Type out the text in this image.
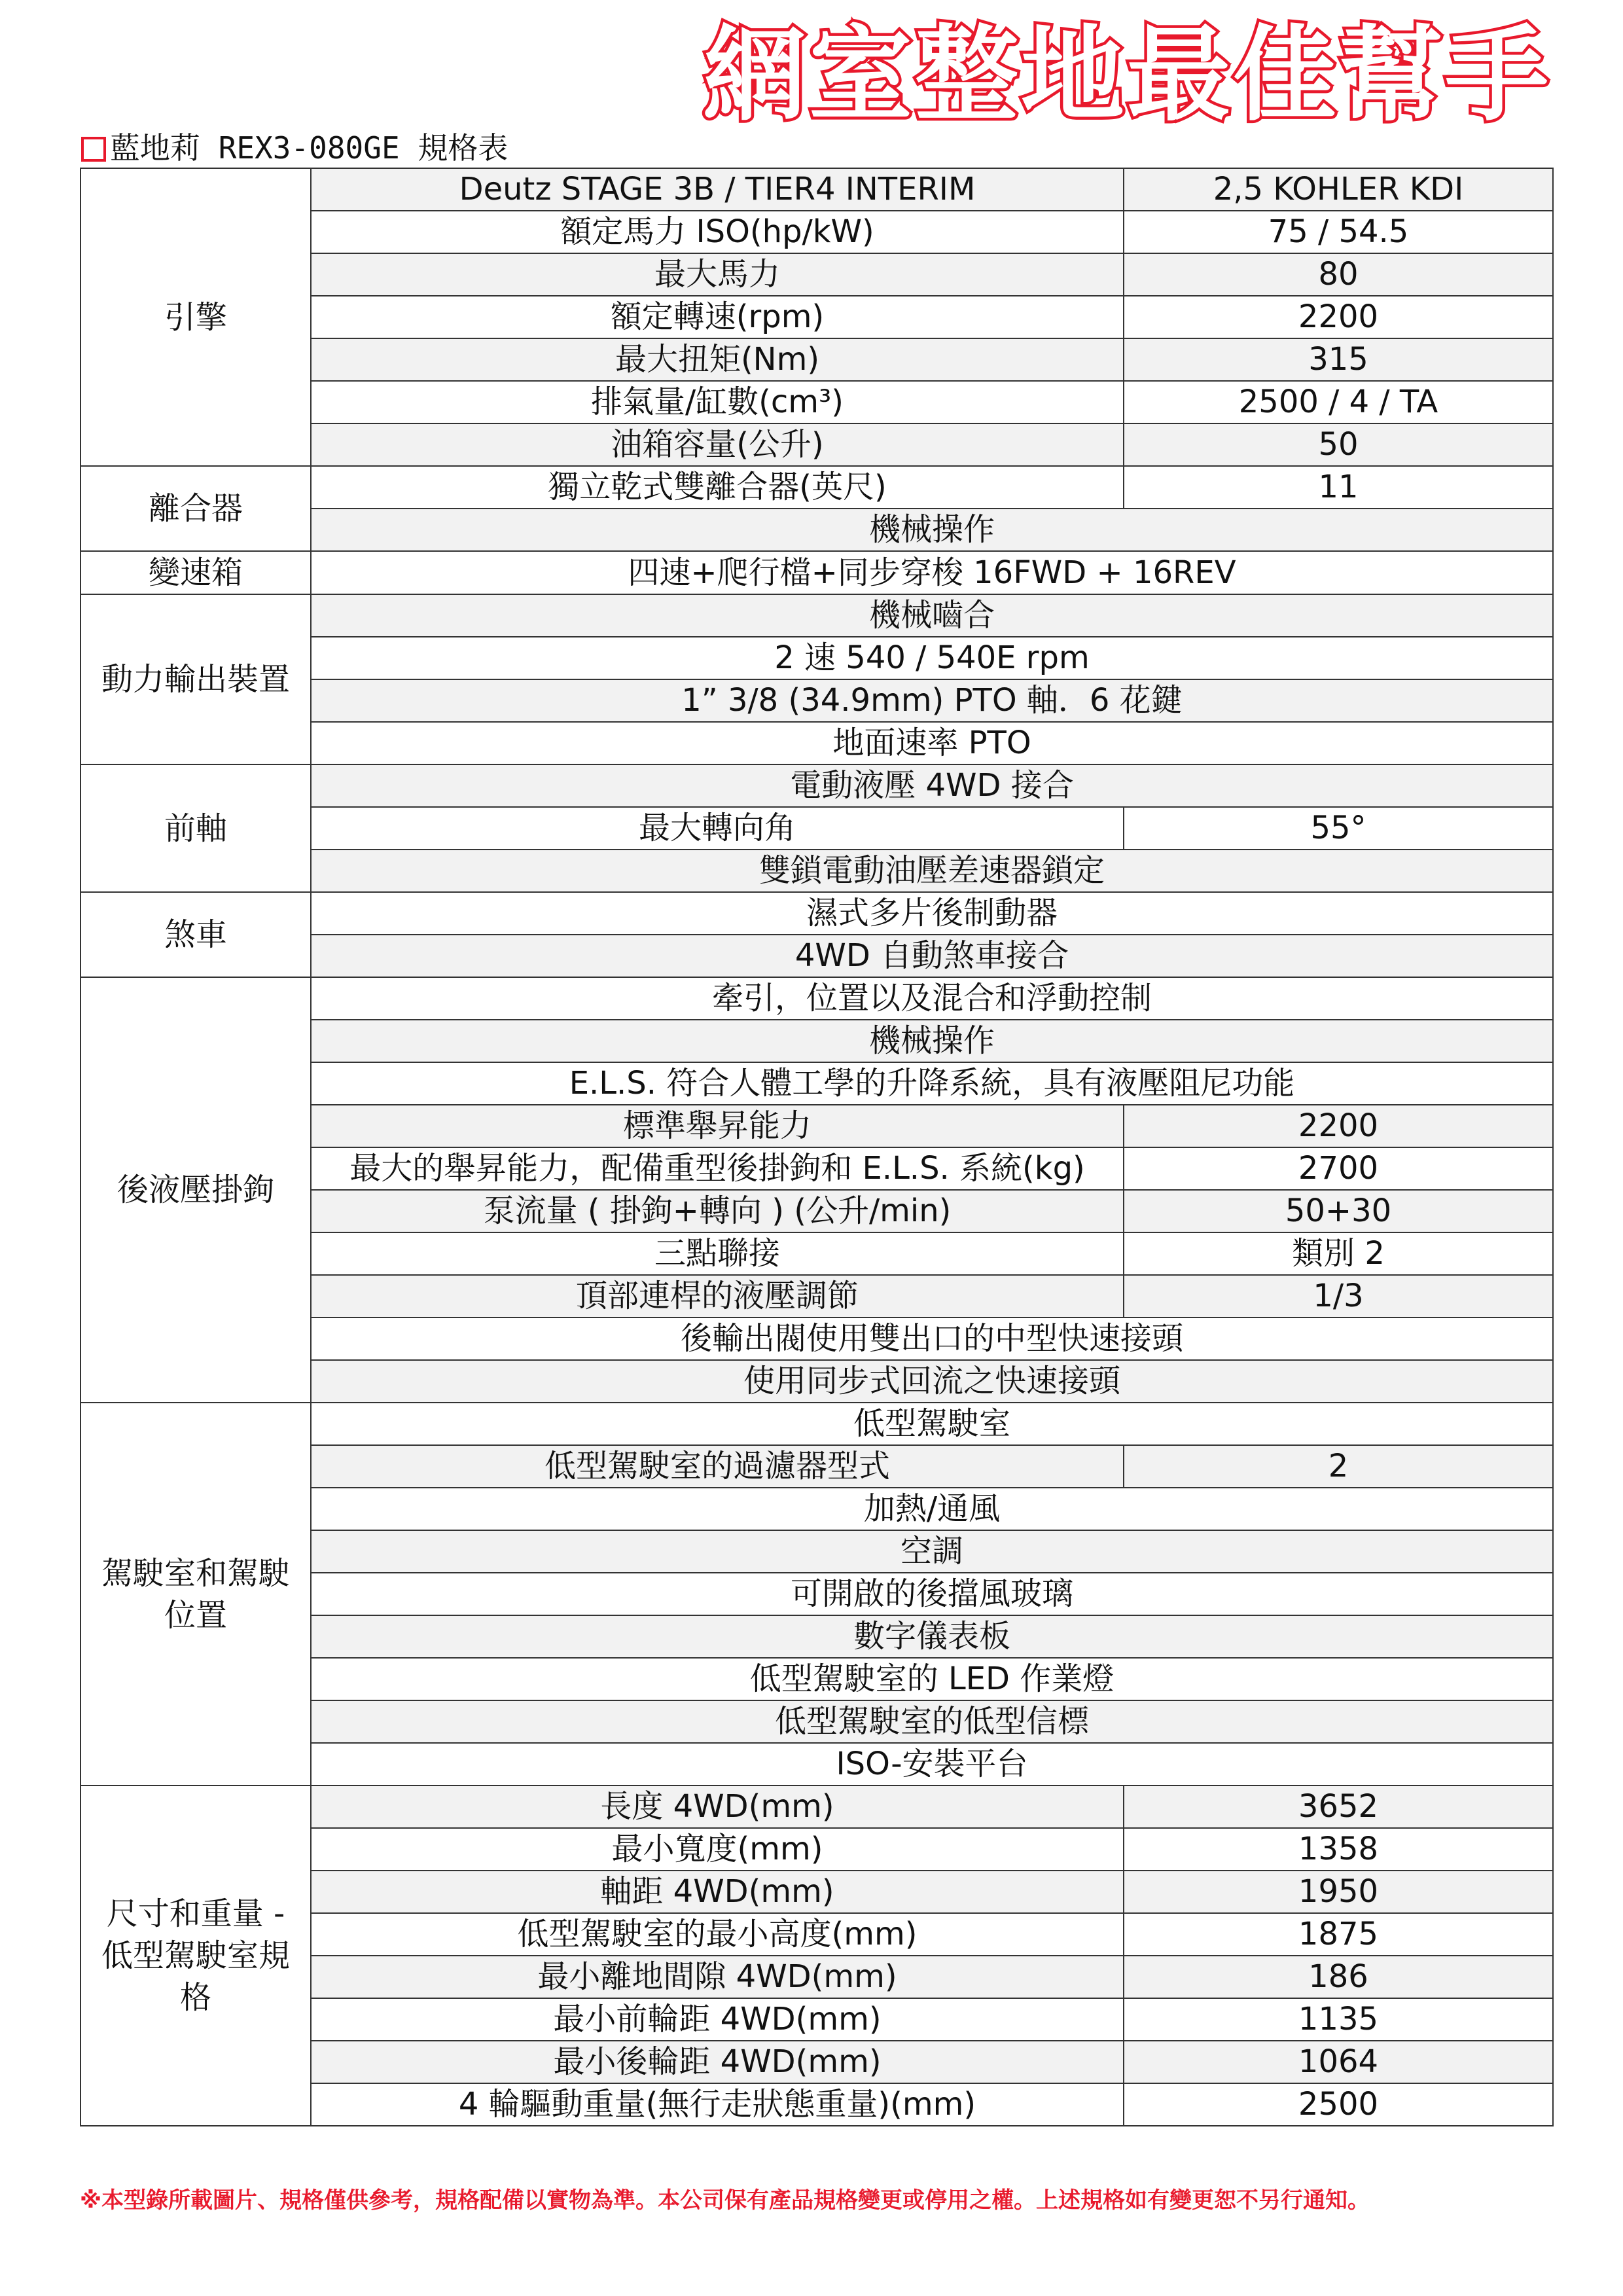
網室整地最佳幫手
藍地莉 REX3-080GE 規格表
引擎	Deutz STAGE 3B / TIER4 INTERIM	2,5 KOHLER KDI
	額定馬力 ISO(hp/kW)	75 / 54.5
	最大馬力	80
	額定轉速(rpm)	2200
	最大扭矩(Nm)	315
	排氣量/缸數(cm³)	2500 / 4 / TA
	油箱容量(公升)	50
離合器	獨立乾式雙離合器(英尺)	11
	機械操作	
變速箱	四速+爬行檔+同步穿梭 16FWD + 16REV	
動力輸出裝置	機械嚙合	
	2 速 540 / 540E rpm	
	1” 3/8 (34.9mm) PTO 軸．6 花鍵	
	地面速率 PTO	
前軸	電動液壓 4WD 接合	
	最大轉向角	55°
	雙鎖電動油壓差速器鎖定	
煞車	濕式多片後制動器	
	4WD 自動煞車接合	
後液壓掛鉤	牽引，位置以及混合和浮動控制	
	機械操作	
	E.L.S. 符合人體工學的升降系統，具有液壓阻尼功能	
	標準舉昇能力	2200
	最大的舉昇能力，配備重型後掛鉤和 E.L.S. 系統(kg)	2700
	泵流量 ( 掛鉤+轉向 ) (公升/min)	50+30
	三點聯接	類別 2
	頂部連桿的液壓調節	1/3
	後輸出閥使用雙出口的中型快速接頭	
	使用同步式回流之快速接頭	
駕駛室和駕駛位置	低型駕駛室	
	低型駕駛室的過濾器型式	2
	加熱/通風	
	空調	
	可開啟的後擋風玻璃	
	數字儀表板	
	低型駕駛室的 LED 作業燈	
	低型駕駛室的低型信標	
	ISO-安裝平台	
尺寸和重量 - 低型駕駛室規格	長度 4WD(mm)	3652
	最小寬度(mm)	1358
	軸距 4WD(mm)	1950
	低型駕駛室的最小高度(mm)	1875
	最小離地間隙 4WD(mm)	186
	最小前輪距 4WD(mm)	1135
	最小後輪距 4WD(mm)	1064
	4 輪驅動重量(無行走狀態重量)(mm)	2500
※本型錄所載圖片、規格僅供參考，規格配備以實物為準。本公司保有產品規格變更或停用之權。上述規格如有變更恕不另行通知。
